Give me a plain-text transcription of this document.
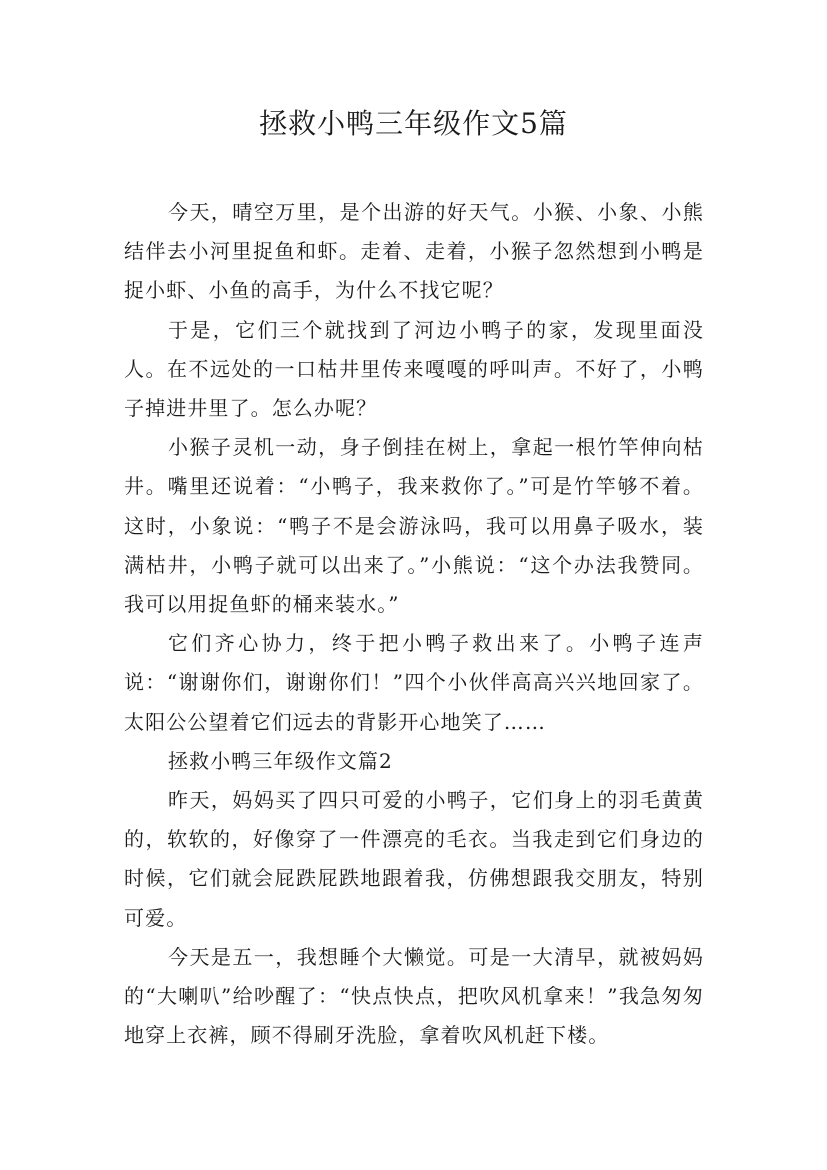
拯救小鸭三年级作文5篇

今天，晴空万里，是个出游的好天气。小猴、小象、小熊结伴去小河里捉鱼和虾。走着、走着，小猴子忽然想到小鸭是捉小虾、小鱼的高手，为什么不找它呢？

于是，它们三个就找到了河边小鸭子的家，发现里面没人。在不远处的一口枯井里传来嘎嘎的呼叫声。不好了，小鸭子掉进井里了。怎么办呢？

小猴子灵机一动，身子倒挂在树上，拿起一根竹竿伸向枯井。嘴里还说着：“小鸭子，我来救你了。”可是竹竿够不着。这时，小象说：“鸭子不是会游泳吗，我可以用鼻子吸水，装满枯井，小鸭子就可以出来了。”小熊说：“这个办法我赞同。我可以用捉鱼虾的桶来装水。”

它们齐心协力，终于把小鸭子救出来了。小鸭子连声说：“谢谢你们，谢谢你们！”四个小伙伴高高兴兴地回家了。太阳公公望着它们远去的背影开心地笑了……

拯救小鸭三年级作文篇2

昨天，妈妈买了四只可爱的小鸭子，它们身上的羽毛黄黄的，软软的，好像穿了一件漂亮的毛衣。当我走到它们身边的时候，它们就会屁跌屁跌地跟着我，仿佛想跟我交朋友，特别可爱。

今天是五一，我想睡个大懒觉。可是一大清早，就被妈妈的“大喇叭”给吵醒了：“快点快点，把吹风机拿来！”我急匆匆地穿上衣裤，顾不得刷牙洗脸，拿着吹风机赶下楼。
